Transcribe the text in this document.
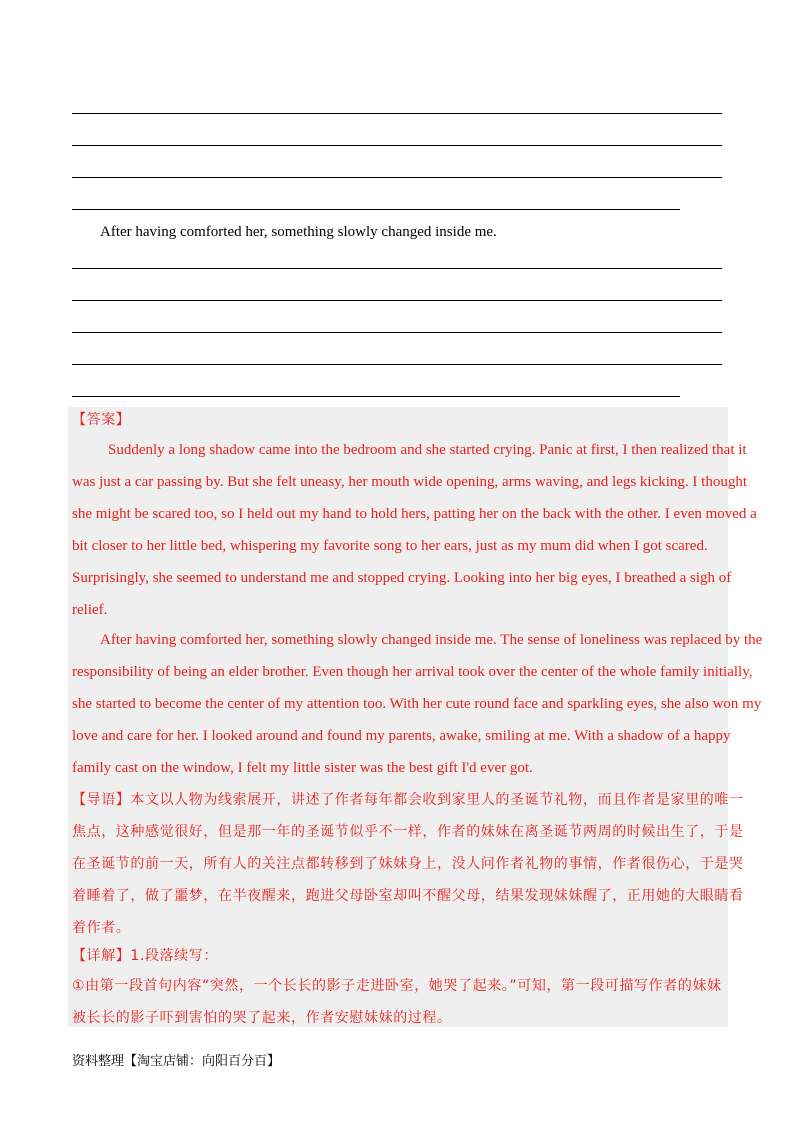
After having comforted her, something slowly changed inside me.
【答案】
Suddenly a long shadow came into the bedroom and she started crying. Panic at first, I then realized that it
was just a car passing by. But she felt uneasy, her mouth wide opening, arms waving, and legs kicking. I thought
she might be scared too, so I held out my hand to hold hers, patting her on the back with the other. I even moved a
bit closer to her little bed, whispering my favorite song to her ears, just as my mum did when I got scared.
Surprisingly, she seemed to understand me and stopped crying. Looking into her big eyes, I breathed a sigh of
relief.
After having comforted her, something slowly changed inside me. The sense of loneliness was replaced by the
responsibility of being an elder brother. Even though her arrival took over the center of the whole family initially,
she started to become the center of my attention too. With her cute round face and sparkling eyes, she also won my
love and care for her. I looked around and found my parents, awake, smiling at me. With a shadow of a happy
family cast on the window, I felt my little sister was the best gift I'd ever got.
【导语】本文以人物为线索展开，讲述了作者每年都会收到家里人的圣诞节礼物，而且作者是家里的唯一
焦点，这种感觉很好，但是那一年的圣诞节似乎不一样，作者的妹妹在离圣诞节两周的时候出生了，于是
在圣诞节的前一天，所有人的关注点都转移到了妹妹身上，没人问作者礼物的事情，作者很伤心，于是哭
着睡着了，做了噩梦，在半夜醒来，跑进父母卧室却叫不醒父母，结果发现妹妹醒了，正用她的大眼睛看
着作者。
【详解】1.段落续写：
①由第一段首句内容“突然，一个长长的影子走进卧室，她哭了起来。”可知，第一段可描写作者的妹妹
被长长的影子吓到害怕的哭了起来，作者安慰妹妹的过程。
资料整理【淘宝店铺：向阳百分百】
